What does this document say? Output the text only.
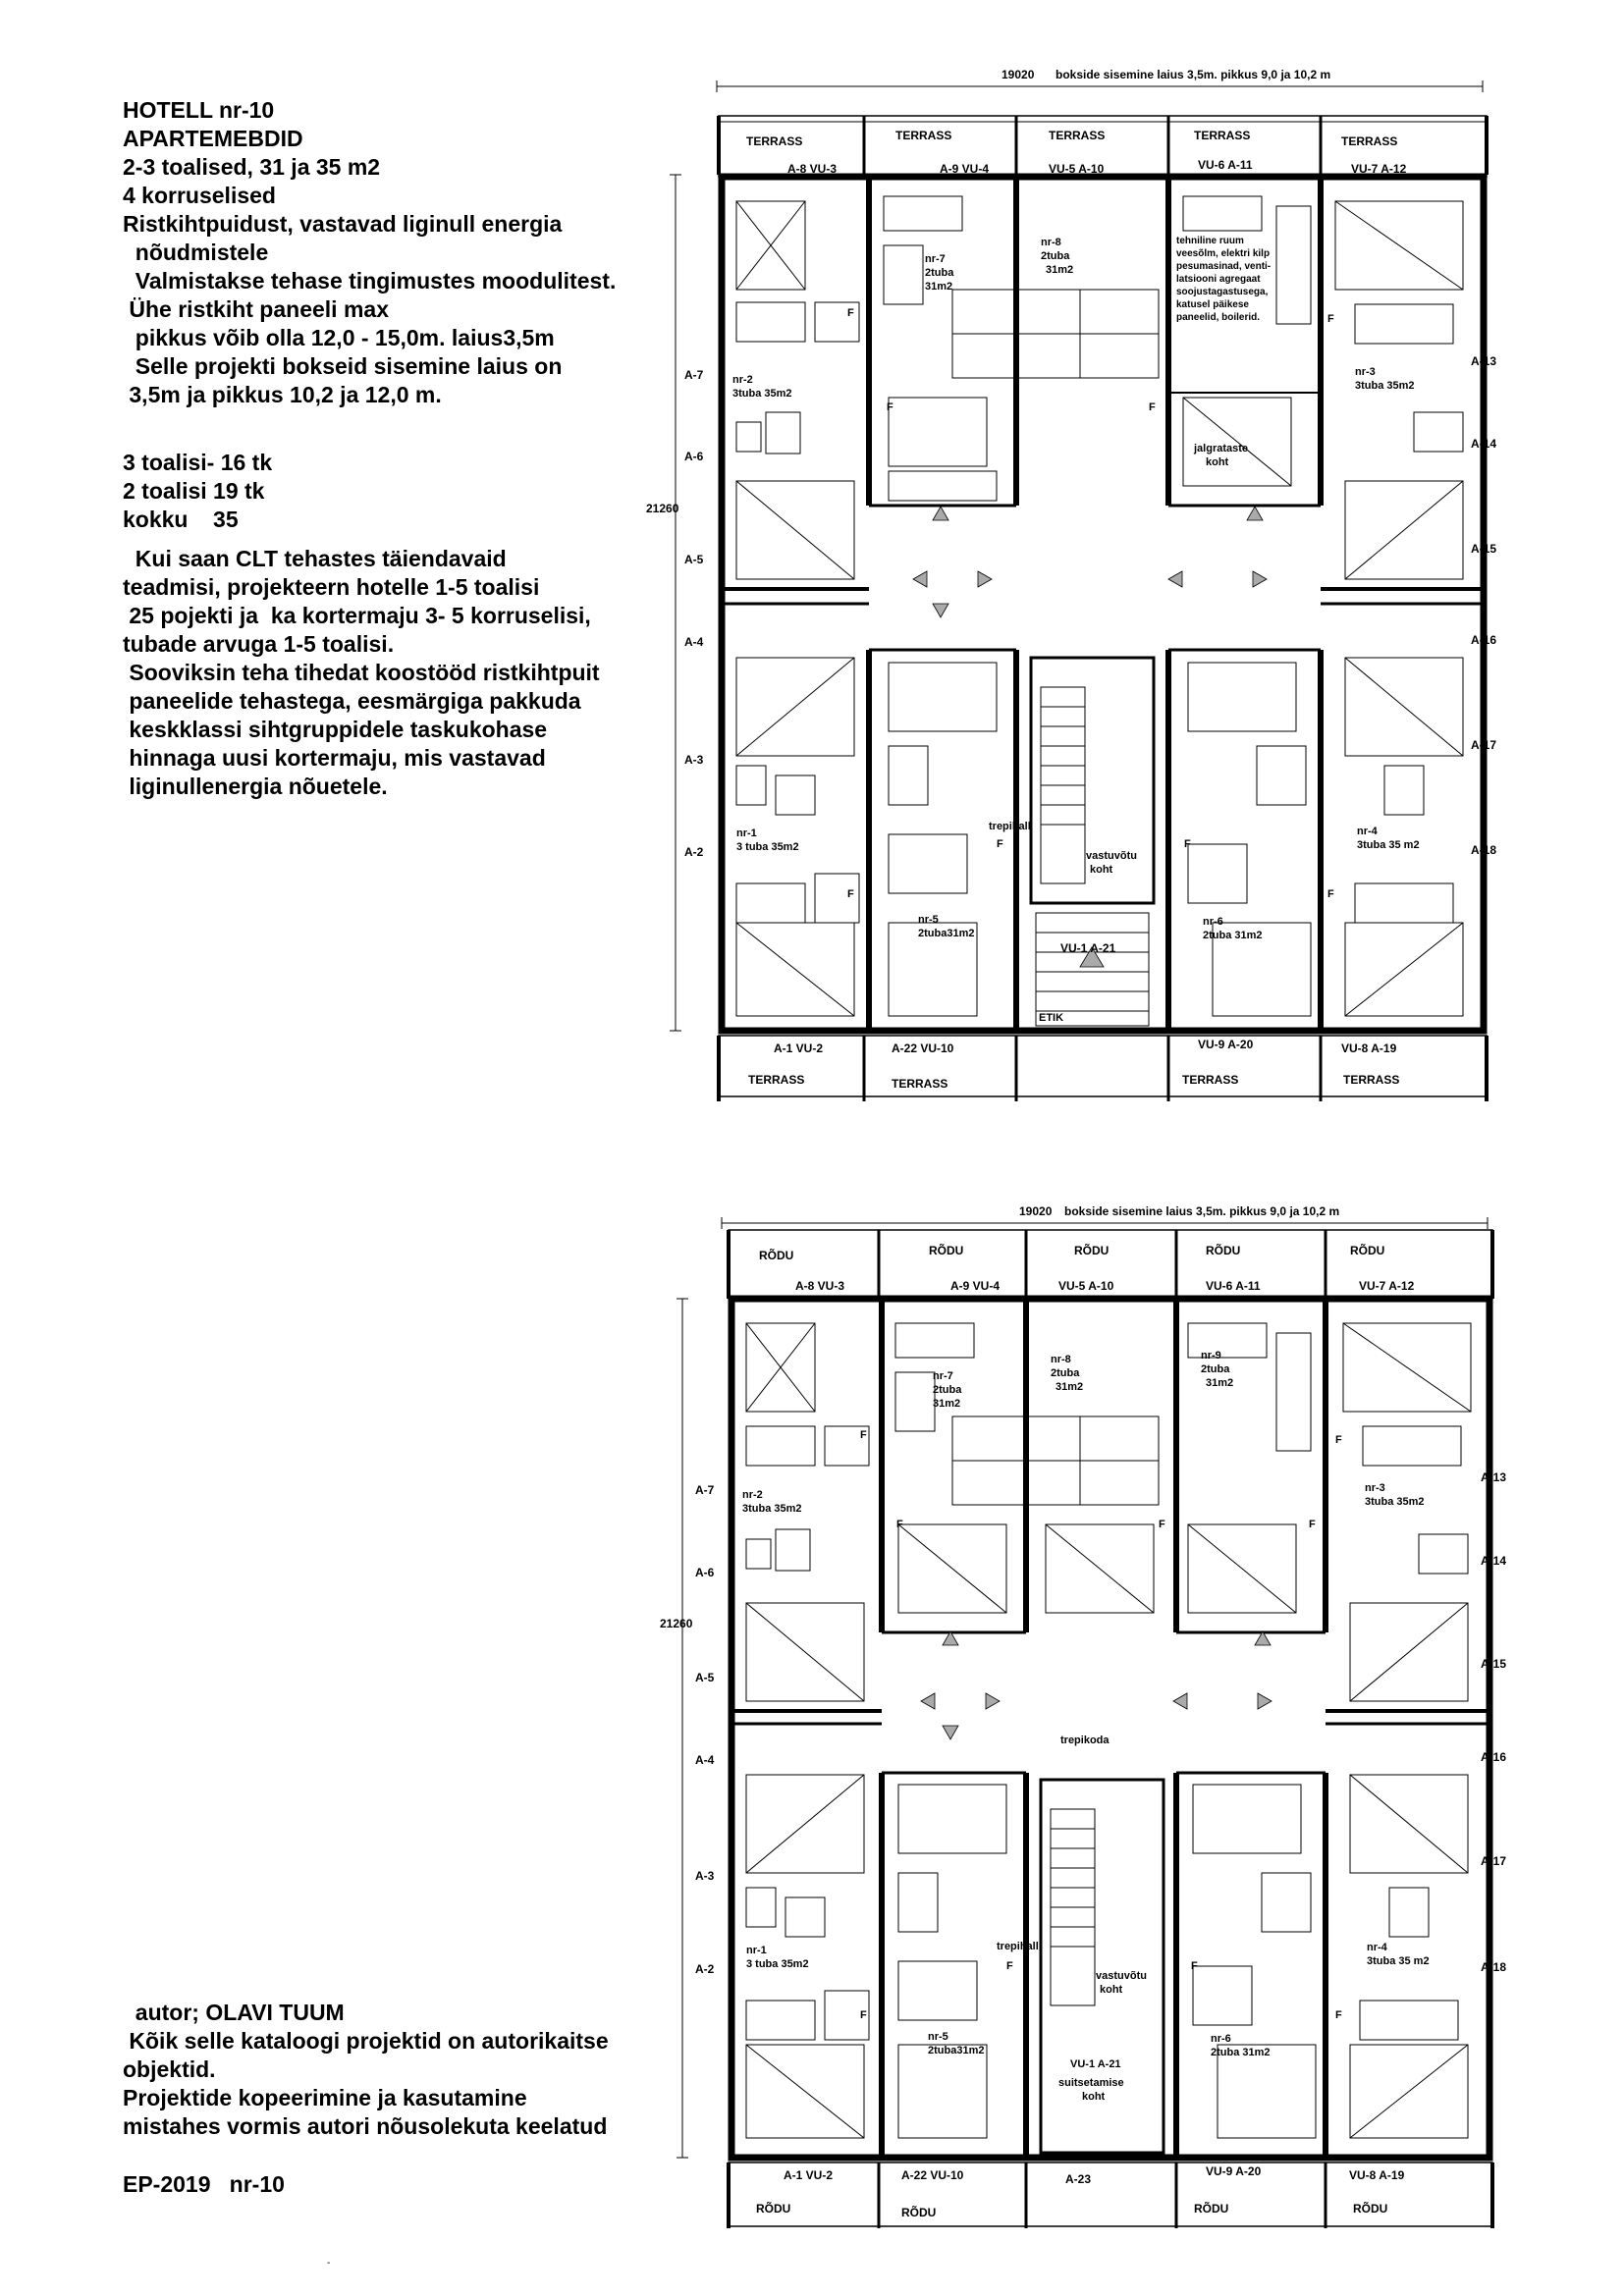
HOTELL nr-10
APARTEMEBDID
2-3 toalised, 31 ja 35 m2
4 korruselised
Ristkihtpuidust, vastavad liginull energia
nõudmistele
Valmistakse tehase tingimustes moodulitest.
Ühe ristkiht paneeli max
pikkus võib olla 12,0 - 15,0m. laius3,5m
Selle projekti bokseid sisemine laius on
3,5m ja pikkus 10,2 ja 12,0 m.
3 toalisi- 16 tk
2 toalisi 19 tk
kokku    35
Kui saan CLT tehastes täiendavaid
teadmisi, projekteern hotelle 1-5 toalisi
25 pojekti ja  ka kortermaju 3- 5 korruselisi,
tubade arvuga 1-5 toalisi.
Sooviksin teha tihedat koostööd ristkihtpuit
paneelide tehastega, eesmärgiga pakkuda
keskklassi sihtgruppidele taskukohase
hinnaga uusi kortermaju, mis vastavad
liginullenergia nõuetele.
autor; OLAVI TUUM
Kõik selle kataloogi projektid on autorikaitse
objektid.
Projektide kopeerimine ja kasutamine
mistahes vormis autori nõusolekuta keelatud
EP-2019   nr-10
-
19020 bokside sisemine laius 3,5m. pikkus 9,0 ja 10,2 m
21260
TERRASS	TERRASS	TERRASS	TERRASS	TERRASS
A-8 VU-3	A-9 VU-4	VU-5 A-10	VU-6 A-11	VU-7 A-12
A-1 VU-2	A-22 VU-10
VU-1 A-21
VU-9 A-20	VU-8 A-19
TERRASS	TERRASS	TERRASS	TERRASS
A-7
A-6
A-5
A-4
A-3
A-2
A-13
A-14
A-15
A-16
A-17
A-18
nr-2 3tuba 35m2
nr-7 2tuba 31m2
nr-8 2tuba 31m2
nr-3 3tuba 35m2
nr-1 3 tuba 35m2
nr-5 2tuba31m2
nr-6 2tuba 31m2
nr-4 3tuba 35 m2
tehniline ruum veesõlm, elektri kilp pesumasinad, venti- latsiooni agregaat soojustagastusega, katusel päikese paneelid, boilerid.
jalgrataste koht
trepihall
vastuvõtu koht
ETIK
F
F	F
F
F
F	F
F
19020 bokside sisemine laius 3,5m. pikkus 9,0 ja 10,2 m
21260
RÕDU	RÕDU	RÕDU	RÕDU	RÕDU
A-8 VU-3	A-9 VU-4	VU-5 A-10	VU-6 A-11	VU-7 A-12
A-1 VU-2	A-22 VU-10	A-23
VU-9 A-20	VU-8 A-19
RÕDU	RÕDU	RÕDU	RÕDU
A-7
A-6
A-5
A-4
A-3
A-2
A-13
A-14
A-15
A-16
A-17
A-18
nr-2 3tuba 35m2
nr-7 2tuba 31m2
nr-8 2tuba 31m2
nr-9 2tuba 31m2
nr-3 3tuba 35m2
nr-1 3 tuba 35m2
nr-5 2tuba31m2
nr-6 2tuba 31m2
nr-4 3tuba 35 m2
trepikoda
trepihall
vastuvõtu koht
VU-1 A-21 suitsetamise koht
F
F	F	F
F
F
F	F
F
